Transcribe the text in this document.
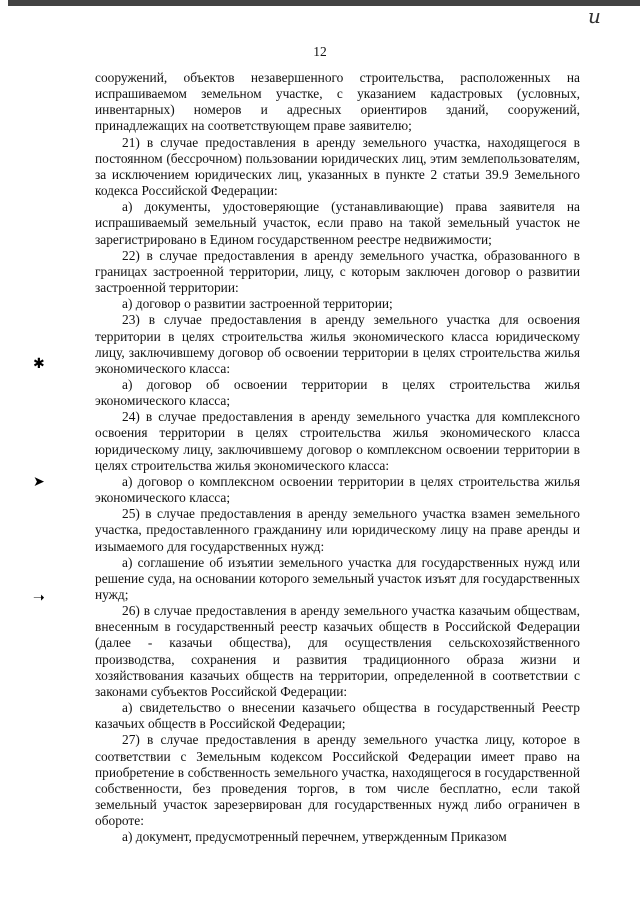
u
12
✱
➤
➝

сооружений, объектов незавершенного строительства, расположенных на испрашиваемом земельном участке, с указанием кадастровых (условных, инвентарных) номеров и адресных ориентиров зданий, сооружений, принадлежащих на соответствующем праве заявителю;

21) в случае предоставления в аренду земельного участка, находящегося в постоянном (бессрочном) пользовании юридических лиц, этим землепользователям, за исключением юридических лиц, указанных в пункте 2 статьи 39.9 Земельного кодекса Российской Федерации:

а) документы, удостоверяющие (устанавливающие) права заявителя на испрашиваемый земельный участок, если право на такой земельный участок не зарегистрировано в Едином государственном реестре недвижимости;

22) в случае предоставления в аренду земельного участка, образованного в границах застроенной территории, лицу, с которым заключен договор о развитии застроенной территории:

а) договор о развитии застроенной территории;

23) в случае предоставления в аренду земельного участка для освоения территории в целях строительства жилья экономического класса юридическому лицу, заключившему договор об освоении территории в целях строительства жилья экономического класса:

а) договор об освоении территории в целях строительства жилья экономического класса;

24) в случае предоставления в аренду земельного участка для комплексного освоения территории в целях строительства жилья экономического класса юридическому лицу, заключившему договор о комплексном освоении территории в целях строительства жилья экономического класса:

а) договор о комплексном освоении территории в целях строительства жилья экономического класса;

25) в случае предоставления в аренду земельного участка взамен земельного участка, предоставленного гражданину или юридическому лицу на праве аренды и изымаемого для государственных нужд:

а) соглашение об изъятии земельного участка для государственных нужд или решение суда, на основании которого земельный участок изъят для государственных нужд;

26) в случае предоставления в аренду земельного участка казачьим обществам, внесенным в государственный реестр казачьих обществ в Российской Федерации (далее - казачьи общества), для осуществления сельскохозяйственного производства, сохранения и развития традиционного образа жизни и хозяйствования казачьих обществ на территории, определенной в соответствии с законами субъектов Российской Федерации:

а) свидетельство о внесении казачьего общества в государственный Реестр казачьих обществ в Российской Федерации;

27) в случае предоставления в аренду земельного участка лицу, которое в соответствии с Земельным кодексом Российской Федерации имеет право на приобретение в собственность земельного участка, находящегося в государственной собственности, без проведения торгов, в том числе бесплатно, если такой земельный участок зарезервирован для государственных нужд либо ограничен в обороте:

а) документ, предусмотренный перечнем, утвержденным Приказом
